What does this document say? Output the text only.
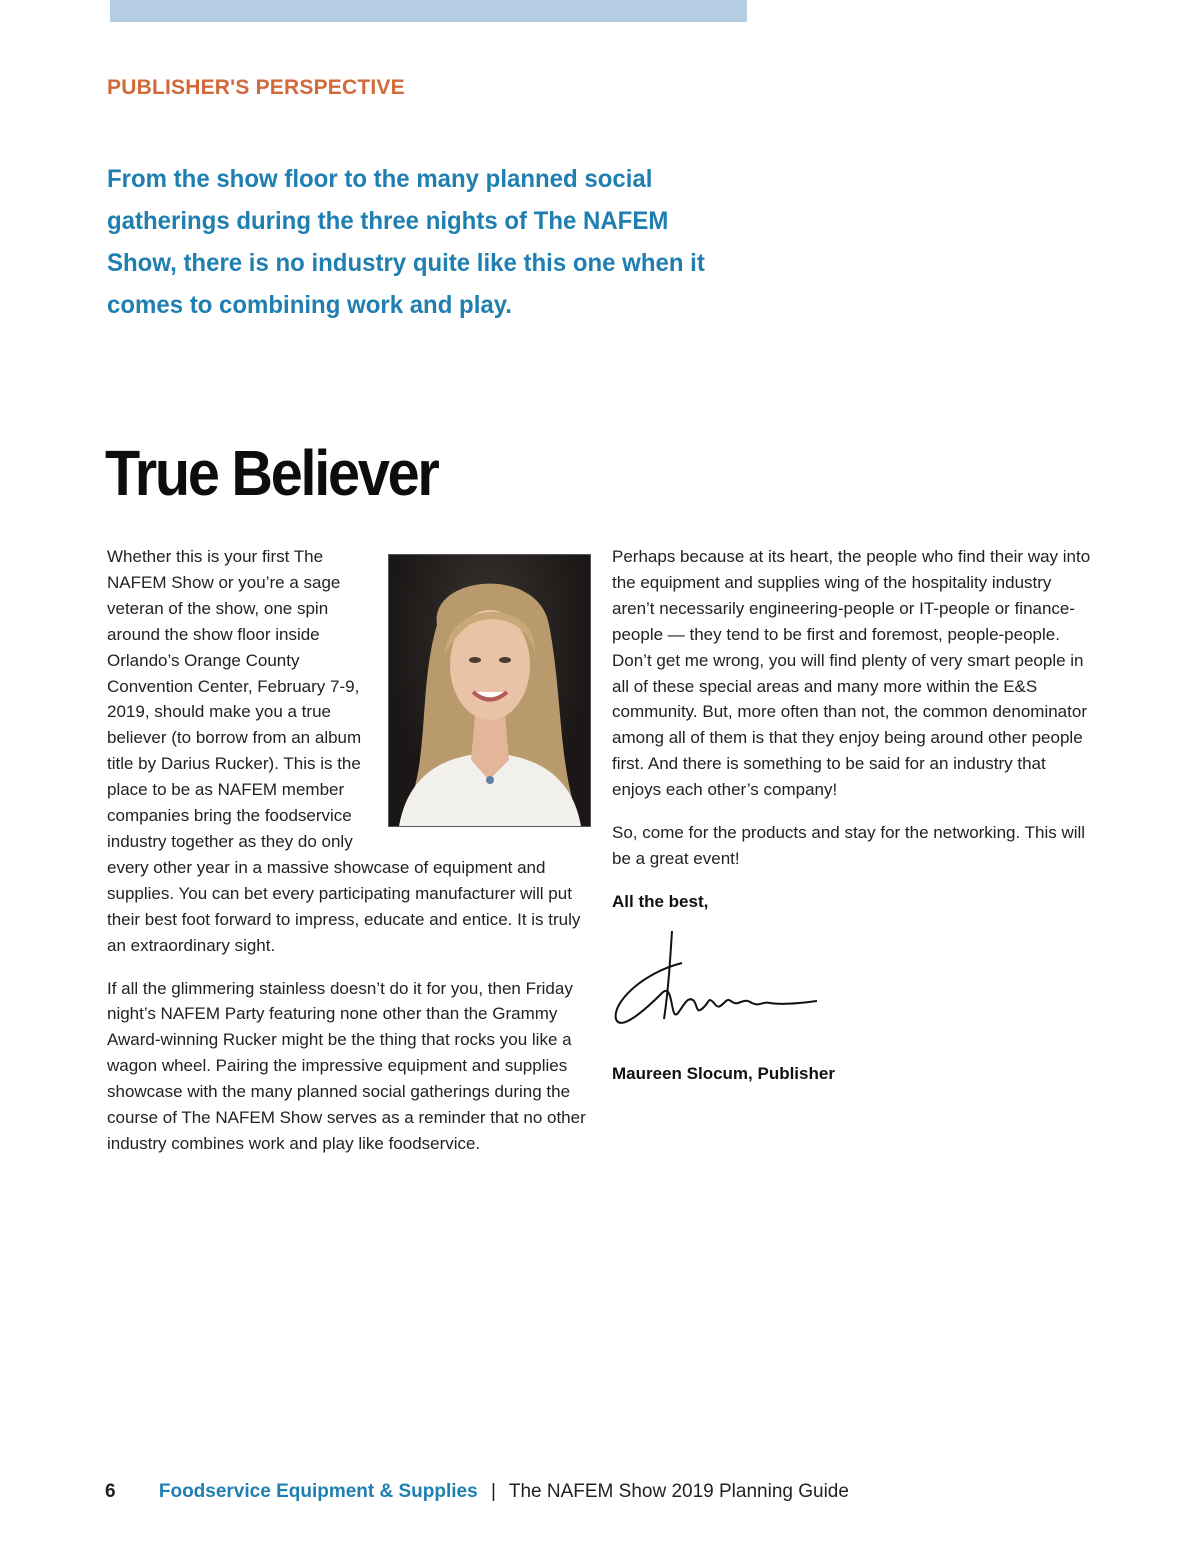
PUBLISHER'S PERSPECTIVE
From the show floor to the many planned social gatherings during the three nights of The NAFEM Show, there is no industry quite like this one when it comes to combining work and play.
True Believer

Whether this is your first The NAFEM Show or you’re a sage veteran of the show, one spin around the show floor inside Orlando’s Orange County Convention Center, February 7-9, 2019, should make you a true believer (to borrow from an album title by Darius Rucker). This is the place to be as NAFEM member companies bring the foodservice industry together as they do only every other year in a massive showcase of equipment and supplies. You can bet every participating manufacturer will put their best foot forward to impress, educate and entice. It is truly an extraordinary sight.

If all the glimmering stainless doesn’t do it for you, then Friday night’s NAFEM Party featuring none other than the Grammy Award-winning Rucker might be the thing that rocks you like a wagon wheel. Pairing the impressive equipment and supplies showcase with the many planned social gatherings during the course of The NAFEM Show serves as a reminder that no other industry combines work and play like foodservice.

Perhaps because at its heart, the people who find their way into the equipment and supplies wing of the hospitality industry aren’t necessarily engineering-people or IT-people or finance-people — they tend to be first and foremost, people-people. Don’t get me wrong, you will find plenty of very smart people in all of these special areas and many more within the E&S community. But, more often than not, the common denominator among all of them is that they enjoy being around other people first. And there is something to be said for an industry that enjoys each other’s company!

So, come for the products and stay for the networking. This will be a great event!

All the best,
Maureen Slocum, Publisher
6 Foodservice Equipment & Supplies | The NAFEM Show 2019 Planning Guide
